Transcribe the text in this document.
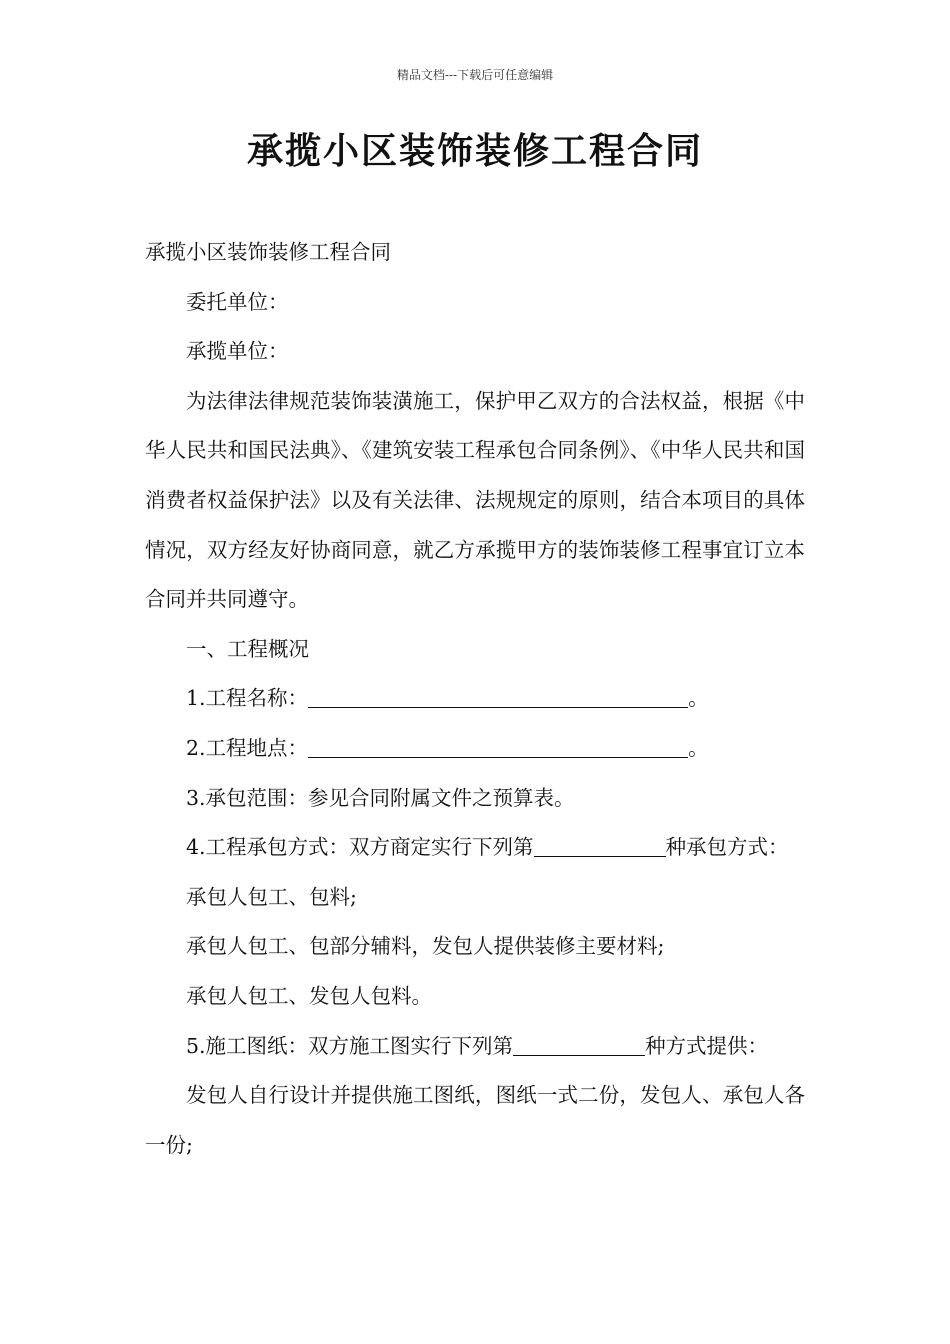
精品文档---下载后可任意编辑
承揽小区装饰装修工程合同

承揽小区装饰装修工程合同

委托单位：

承揽单位：

为法律法律规范装饰装潢施工，保护甲乙双方的合法权益，根据《中华人民共和国民法典》、《建筑安装工程承包合同条例》、《中华人民共和国消费者权益保护法》以及有关法律、法规规定的原则，结合本项目的具体情况，双方经友好协商同意，就乙方承揽甲方的装饰装修工程事宜订立本合同并共同遵守。

一、工程概况

1.工程名称：	。

2.工程地点：	。

3.承包范围：参见合同附属文件之预算表。

4.工程承包方式：双方商定实行下列第	种承包方式：

承包人包工、包料;

承包人包工、包部分辅料，发包人提供装修主要材料;

承包人包工、发包人包料。

5.施工图纸：双方施工图实行下列第	种方式提供：

发包人自行设计并提供施工图纸，图纸一式二份，发包人、承包人各一份;
